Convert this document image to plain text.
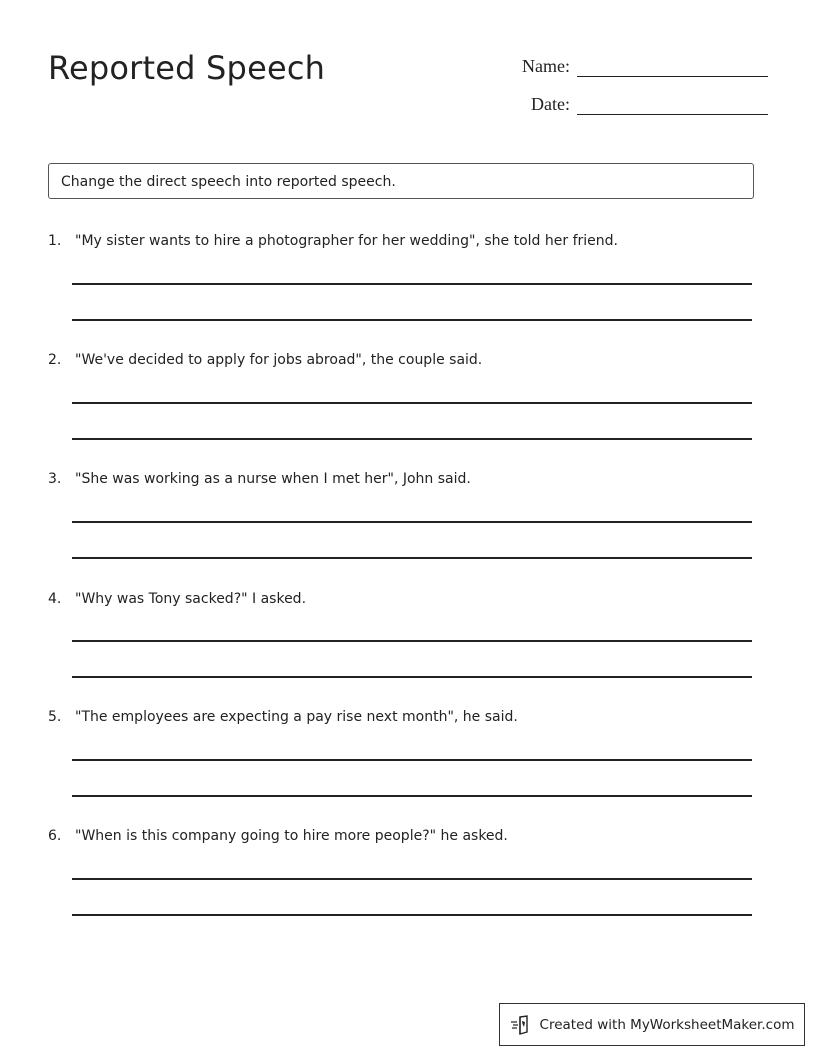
Reported Speech	Name:
Date:
Change the direct speech into reported speech.
1. "My sister wants to hire a photographer for her wedding", she told her friend.
2. "We've decided to apply for jobs abroad", the couple said.
3. "She was working as a nurse when I met her", John said.
4. "Why was Tony sacked?" I asked.
5. "The employees are expecting a pay rise next month", he said.
6. "When is this company going to hire more people?" he asked.
Created with MyWorksheetMaker.com
